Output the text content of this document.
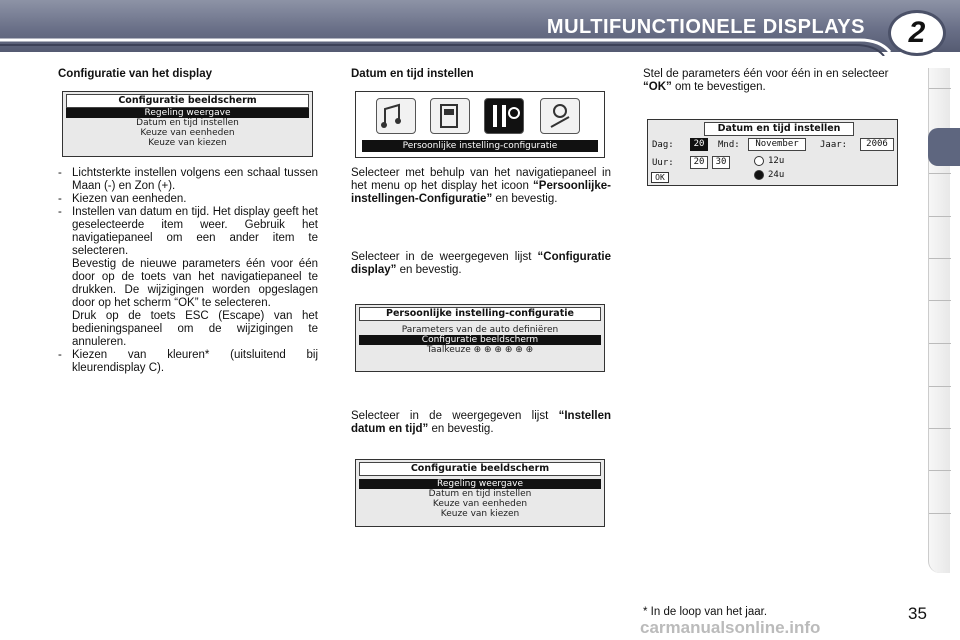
MULTIFUNCTIONELE DISPLAYS	2
Configuratie van het display
Configuratie beeldscherm
Regeling weergave
Datum en tijd instellen
Keuze van eenheden
Keuze van kiezen
- Lichtsterkte instellen volgens een schaal tussen Maan (-) en Zon (+).
- Kiezen van eenheden.
- Instellen van datum en tijd. Het display geeft het geselecteerde item weer. Gebruik het navigatiepaneel om een ander item te selecteren.
Bevestig de nieuwe parameters één voor één door op de toets van het navigatiepaneel te drukken. De wijzigingen worden opgeslagen door op het scherm “OK” te selecteren.
Druk op de toets ESC (Escape) van het bedieningspaneel om de wijzigingen te annuleren.
- Kiezen van kleuren* (uitsluitend bij kleurendisplay C).
Datum en tijd instellen
Persoonlijke instelling-configuratie
Selecteer met behulp van het navigatiepaneel in het menu op het display het icoon “Persoonlijke-instellingen-Configuratie” en bevestig.
Selecteer in de weergegeven lijst “Configuratie display” en bevestig.
Persoonlijke instelling-configuratie
Parameters van de auto definiëren
Configuratie beeldscherm
Taalkeuze ⊕ ⊕ ⊕ ⊕ ⊕ ⊕
Selecteer in de weergegeven lijst “Instellen datum en tijd” en bevestig.
Configuratie beeldscherm
Regeling weergave
Datum en tijd instellen
Keuze van eenheden
Keuze van kiezen
Stel de parameters één voor één in en selecteer “OK” om te bevestigen.
Datum en tijd instellen
Dag:	20	Mnd:	November	Jaar:	2006
Uur:	20	30	12u
24u
OK
* In de loop van het jaar.	35
carmanualsonline.info
